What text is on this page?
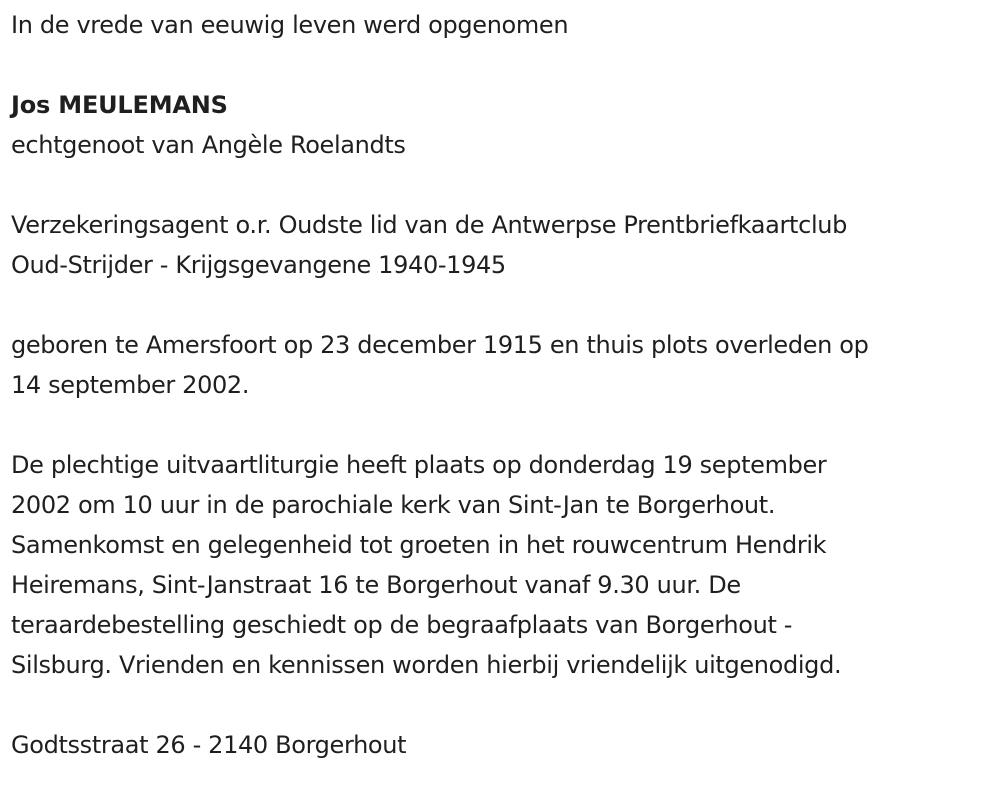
In de vrede van eeuwig leven werd opgenomen
Jos MEULEMANS
echtgenoot van Angèle Roelandts
Verzekeringsagent o.r. Oudste lid van de Antwerpse Prentbriefkaartclub
Oud-Strijder - Krijgsgevangene 1940-1945
geboren te Amersfoort op 23 december 1915 en thuis plots overleden op
14 september 2002.
De plechtige uitvaartliturgie heeft plaats op donderdag 19 september
2002 om 10 uur in de parochiale kerk van Sint-Jan te Borgerhout.
Samenkomst en gelegenheid tot groeten in het rouwcentrum Hendrik
Heiremans, Sint-Janstraat 16 te Borgerhout vanaf 9.30 uur. De
teraardebestelling geschiedt op de begraafplaats van Borgerhout -
Silsburg. Vrienden en kennissen worden hierbij vriendelijk uitgenodigd.
Godtsstraat 26 - 2140 Borgerhout
